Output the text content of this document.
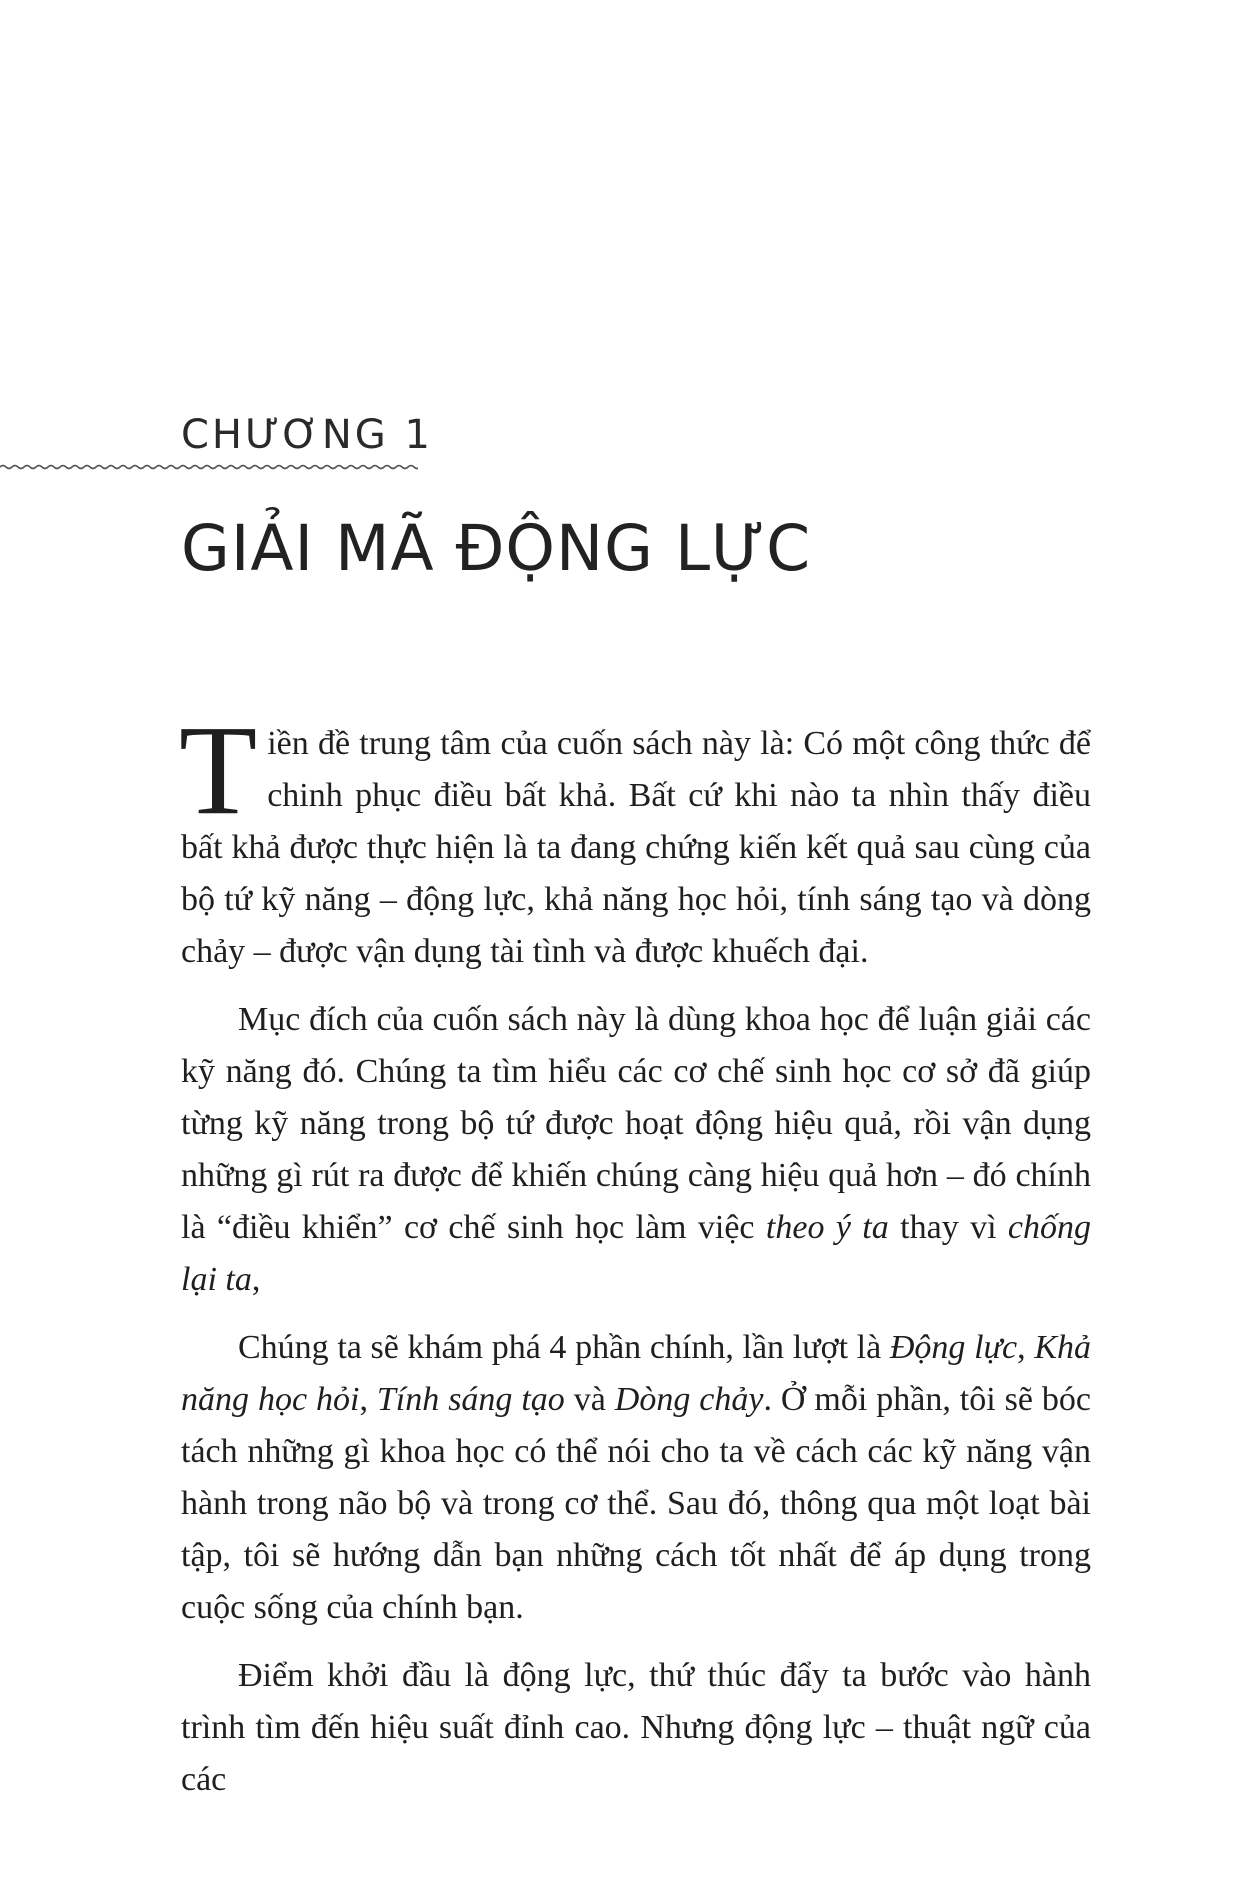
CHƯƠNG 1
GIẢI MÃ ĐỘNG LỰC

Tiền đề trung tâm của cuốn sách này là: Có một công thức để chinh phục điều bất khả. Bất cứ khi nào ta nhìn thấy điều bất khả được thực hiện là ta đang chứng kiến kết quả sau cùng của bộ tứ kỹ năng – động lực, khả năng học hỏi, tính sáng tạo và dòng chảy – được vận dụng tài tình và được khuếch đại.

Mục đích của cuốn sách này là dùng khoa học để luận giải các kỹ năng đó. Chúng ta tìm hiểu các cơ chế sinh học cơ sở đã giúp từng kỹ năng trong bộ tứ được hoạt động hiệu quả, rồi vận dụng những gì rút ra được để khiến chúng càng hiệu quả hơn – đó chính là “điều khiển” cơ chế sinh học làm việc theo ý ta thay vì chống lại ta,

Chúng ta sẽ khám phá 4 phần chính, lần lượt là Động lực, Khả năng học hỏi, Tính sáng tạo và Dòng chảy. Ở mỗi phần, tôi sẽ bóc tách những gì khoa học có thể nói cho ta về cách các kỹ năng vận hành trong não bộ và trong cơ thể. Sau đó, thông qua một loạt bài tập, tôi sẽ hướng dẫn bạn những cách tốt nhất để áp dụng trong cuộc sống của chính bạn.

Điểm khởi đầu là động lực, thứ thúc đẩy ta bước vào hành trình tìm đến hiệu suất đỉnh cao. Nhưng động lực – thuật ngữ của các
